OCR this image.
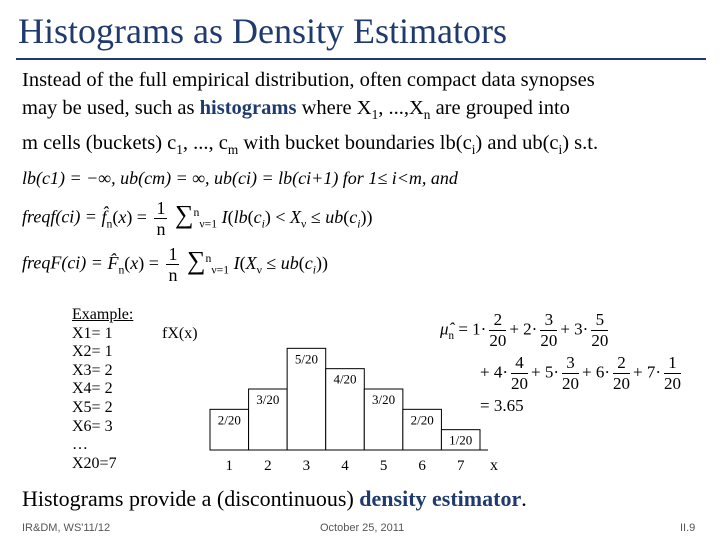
Histograms as Density Estimators
Instead of the full empirical distribution, often compact data synopses
may be used, such as histograms where $X_1$, $...,X_n$ are grouped into
m cells (buckets) $c_1$, ..., $c_m$ with bucket boundaries $lb(c_i)$ and $ub(c_i)$ s.t.
lb(c1) = −∞, ub(cm) = ∞, ub(ci) = lb(ci+1) for 1≤ i<m, and
freqf(ci) = $f̂_n(x) = \frac{1}{n} \sum^n_{\nu=1}$ $I(lb(c_i) < X_\nu \le ub(c_i))$
freqF(ci) = $F̂_n(x) = \frac{1}{n} \sum^n_{\nu=1}$ $I(X_\nu \le ub(c_i))$
Example:
X1= 1
X2= 1
X3= 2
X4= 2
X5= 2
X6= 3
…
X20=7
2/20
3/20
5/20
4/20
3/20
2/20
1/20
1 2 3 4 5 6 7
fX(x)
x
$\mû_n = 1\cdot \frac{2}{20} + 2\cdot \frac{3}{20} + 3\cdot \frac{5}{20}$
+ $4\cdot \frac{4}{20} + 5\cdot \frac{3}{20} + 6\cdot \frac{2}{20} + 7\cdot \frac{1}{20}$
= 3.65
Histograms provide a (discontinuous) density estimator.
IR&DM, WS'11/12	October 25, 2011	II.9
